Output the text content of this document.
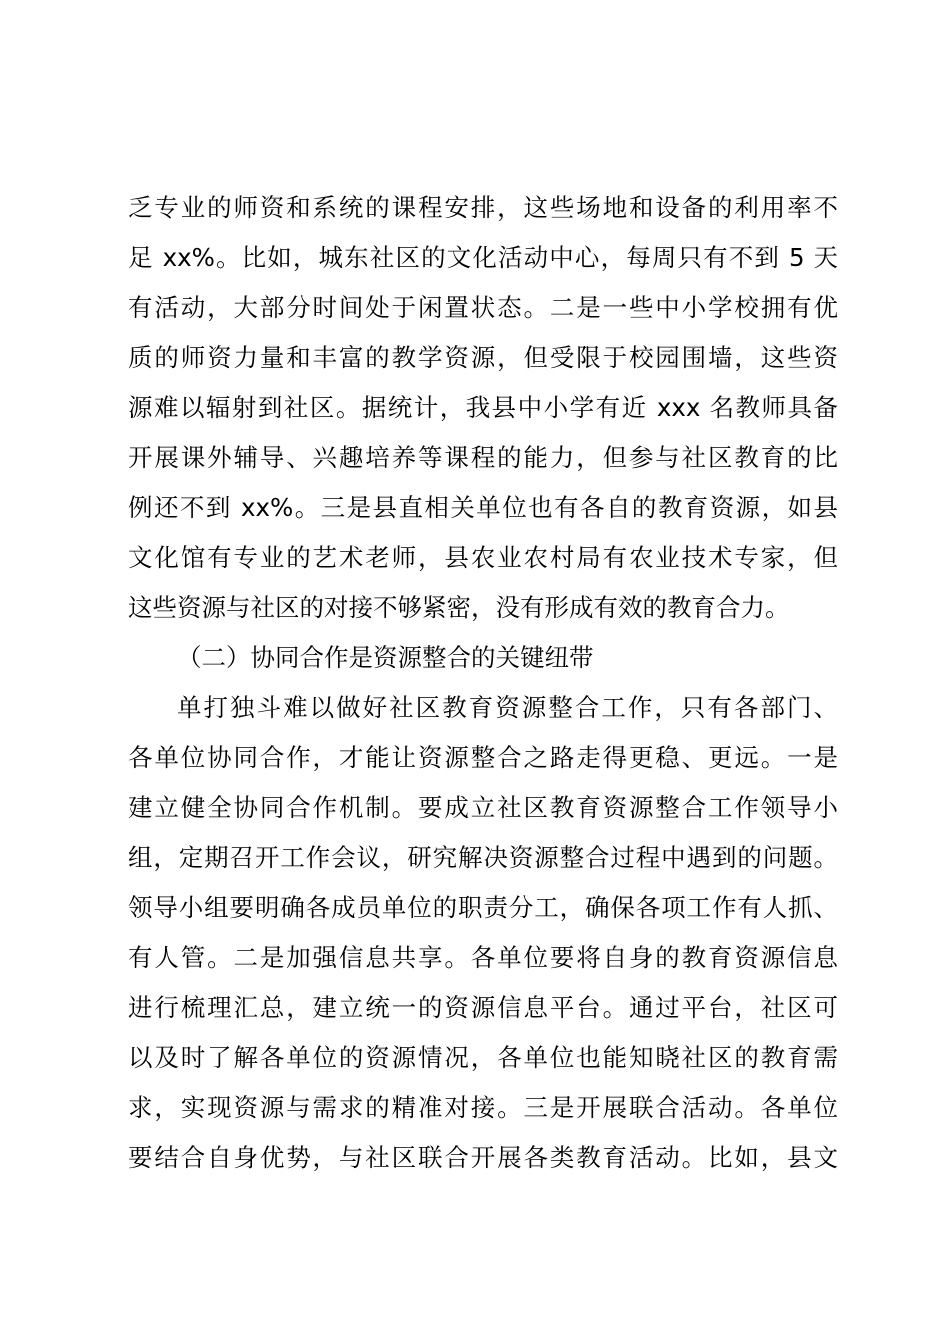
乏专业的师资和系统的课程安排，这些场地和设备的利用率不
足 xx%。比如，城东社区的文化活动中心，每周只有不到 5 天
有活动，大部分时间处于闲置状态。二是一些中小学校拥有优
质的师资力量和丰富的教学资源，但受限于校园围墙，这些资
源难以辐射到社区。据统计，我县中小学有近 xxx 名教师具备
开展课外辅导、兴趣培养等课程的能力，但参与社区教育的比
例还不到 xx%。三是县直相关单位也有各自的教育资源，如县
文化馆有专业的艺术老师，县农业农村局有农业技术专家，但
这些资源与社区的对接不够紧密，没有形成有效的教育合力。
（二）协同合作是资源整合的关键纽带
单打独斗难以做好社区教育资源整合工作，只有各部门、
各单位协同合作，才能让资源整合之路走得更稳、更远。一是
建立健全协同合作机制。要成立社区教育资源整合工作领导小
组，定期召开工作会议，研究解决资源整合过程中遇到的问题。
领导小组要明确各成员单位的职责分工，确保各项工作有人抓、
有人管。二是加强信息共享。各单位要将自身的教育资源信息
进行梳理汇总，建立统一的资源信息平台。通过平台，社区可
以及时了解各单位的资源情况，各单位也能知晓社区的教育需
求，实现资源与需求的精准对接。三是开展联合活动。各单位
要结合自身优势，与社区联合开展各类教育活动。比如，县文
